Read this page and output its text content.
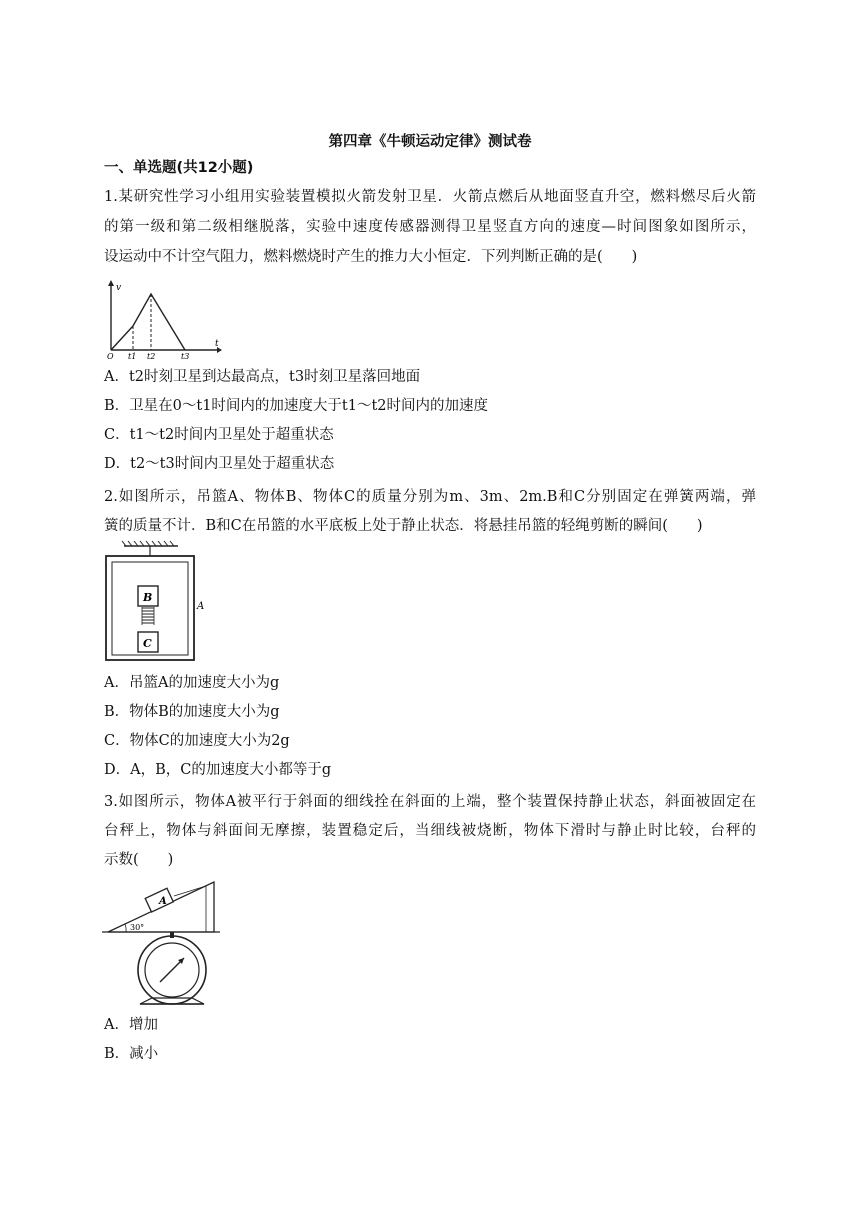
第四章《牛顿运动定律》测试卷
一、单选题(共12小题)
1.某研究性学习小组用实验装置模拟火箭发射卫星．火箭点燃后从地面竖直升空，燃料燃尽后火箭
的第一级和第二级相继脱落，实验中速度传感器测得卫星竖直方向的速度—时间图象如图所示，
设运动中不计空气阻力，燃料燃烧时产生的推力大小恒定．下列判断正确的是(　　)
v
t
O t1 t2	t3
A．t2时刻卫星到达最高点，t3时刻卫星落回地面
B．卫星在0～t1时间内的加速度大于t1～t2时间内的加速度
C．t1～t2时间内卫星处于超重状态
D．t2～t3时间内卫星处于超重状态
2.如图所示，吊篮A、物体B、物体C的质量分别为m、3m、2m.B和C分别固定在弹簧两端，弹
簧的质量不计．B和C在吊篮的水平底板上处于静止状态．将悬挂吊篮的轻绳剪断的瞬间(　　)
B
C
A
A．吊篮A的加速度大小为g
B．物体B的加速度大小为g
C．物体C的加速度大小为2g
D．A，B，C的加速度大小都等于g
3.如图所示，物体A被平行于斜面的细线拴在斜面的上端，整个装置保持静止状态，斜面被固定在
台秤上，物体与斜面间无摩擦，装置稳定后，当细线被烧断，物体下滑时与静止时比较，台秤的
示数(　　)
A
30°
A．增加
B．减小
